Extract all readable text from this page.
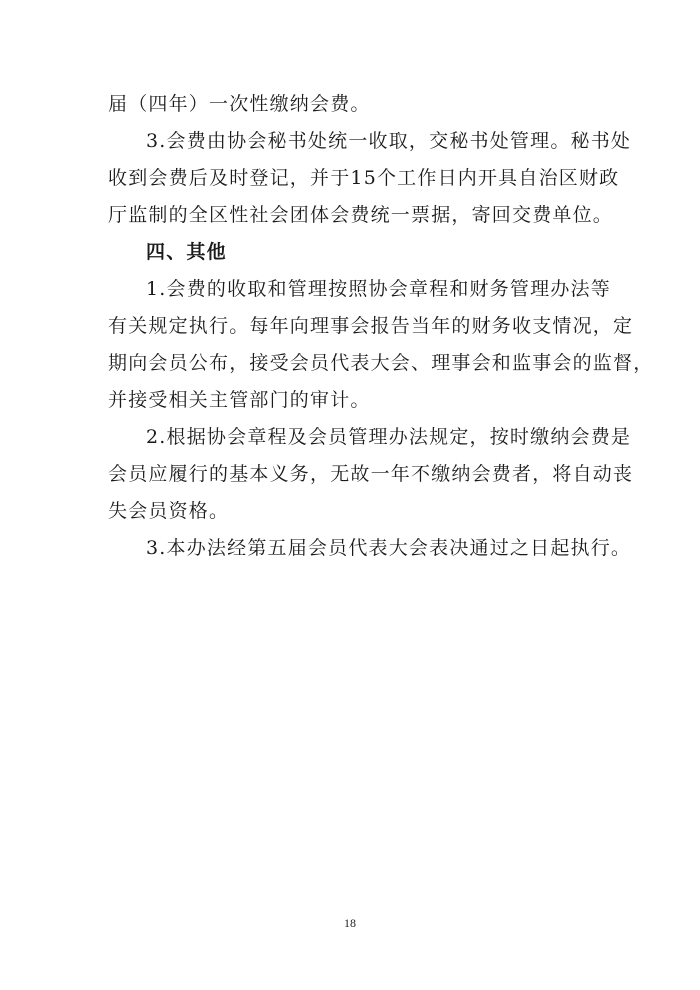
届（四年）一次性缴纳会费。
3.会费由协会秘书处统一收取，交秘书处管理。秘书处
收到会费后及时登记，并于15个工作日内开具自治区财政
厅监制的全区性社会团体会费统一票据，寄回交费单位。
四、其他
1.会费的收取和管理按照协会章程和财务管理办法等
有关规定执行。每年向理事会报告当年的财务收支情况，定
期向会员公布，接受会员代表大会、理事会和监事会的监督，
并接受相关主管部门的审计。
2.根据协会章程及会员管理办法规定，按时缴纳会费是
会员应履行的基本义务，无故一年不缴纳会费者，将自动丧
失会员资格。
3.本办法经第五届会员代表大会表决通过之日起执行。
18
